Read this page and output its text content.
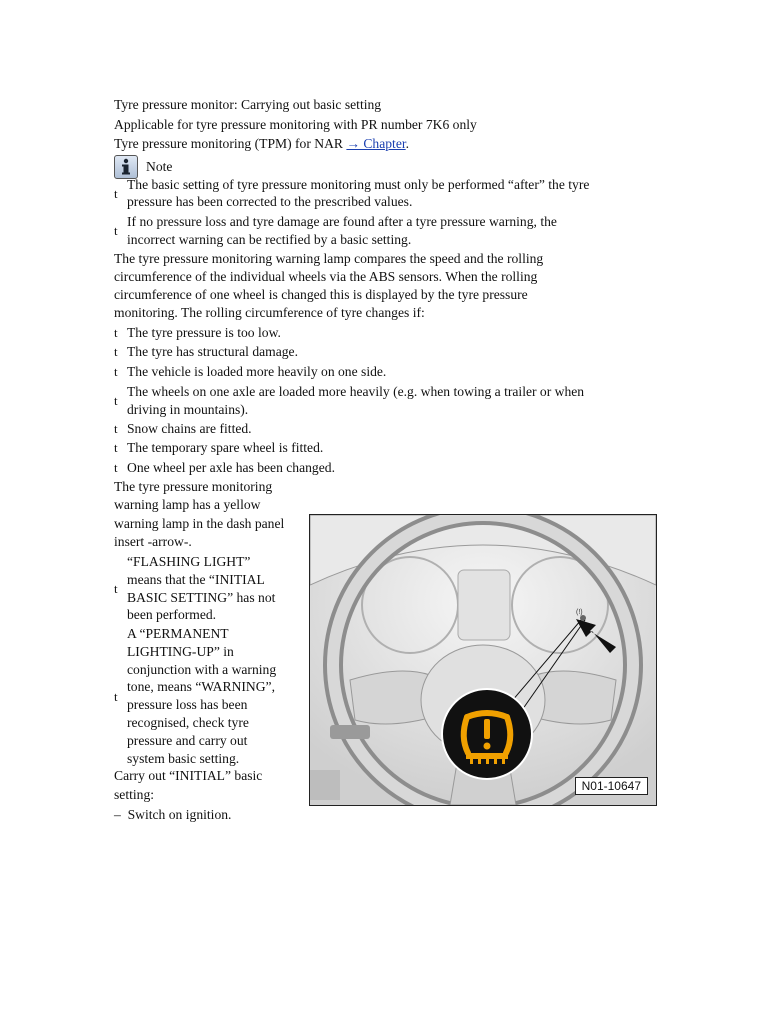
Tyre pressure monitor: Carrying out basic setting
Applicable for tyre pressure monitoring with PR number 7K6 only
Tyre pressure monitoring (TPM) for NAR → Chapter.
Note
t
The basic setting of tyre pressure monitoring must only be performed “after” the tyre
pressure has been corrected to the prescribed values.
t
If no pressure loss and tyre damage are found after a tyre pressure warning, the
incorrect warning can be rectified by a basic setting.
The tyre pressure monitoring warning lamp compares the speed and the rolling
circumference of the individual wheels via the ABS sensors. When the rolling
circumference of one wheel is changed this is displayed by the tyre pressure
monitoring. The rolling circumference of tyre changes if:
t The tyre pressure is too low.
t The tyre has structural damage.
t The vehicle is loaded more heavily on one side.
t
The wheels on one axle are loaded more heavily (e.g. when towing a trailer or when
driving in mountains).
t Snow chains are fitted.
t The temporary spare wheel is fitted.
t One wheel per axle has been changed.
The tyre pressure monitoring
warning lamp has a yellow
warning lamp in the dash panel
insert -arrow-.
t
“FLASHING LIGHT”
means that the “INITIAL
BASIC SETTING” has not
been performed.
t
A “PERMANENT
LIGHTING-UP” in
conjunction with a warning
tone, means “WARNING”,
pressure loss has been
recognised, check tyre
pressure and carry out
system basic setting.
Carry out “INITIAL” basic
setting:
– Switch on ignition.
(!)
N01-10647
